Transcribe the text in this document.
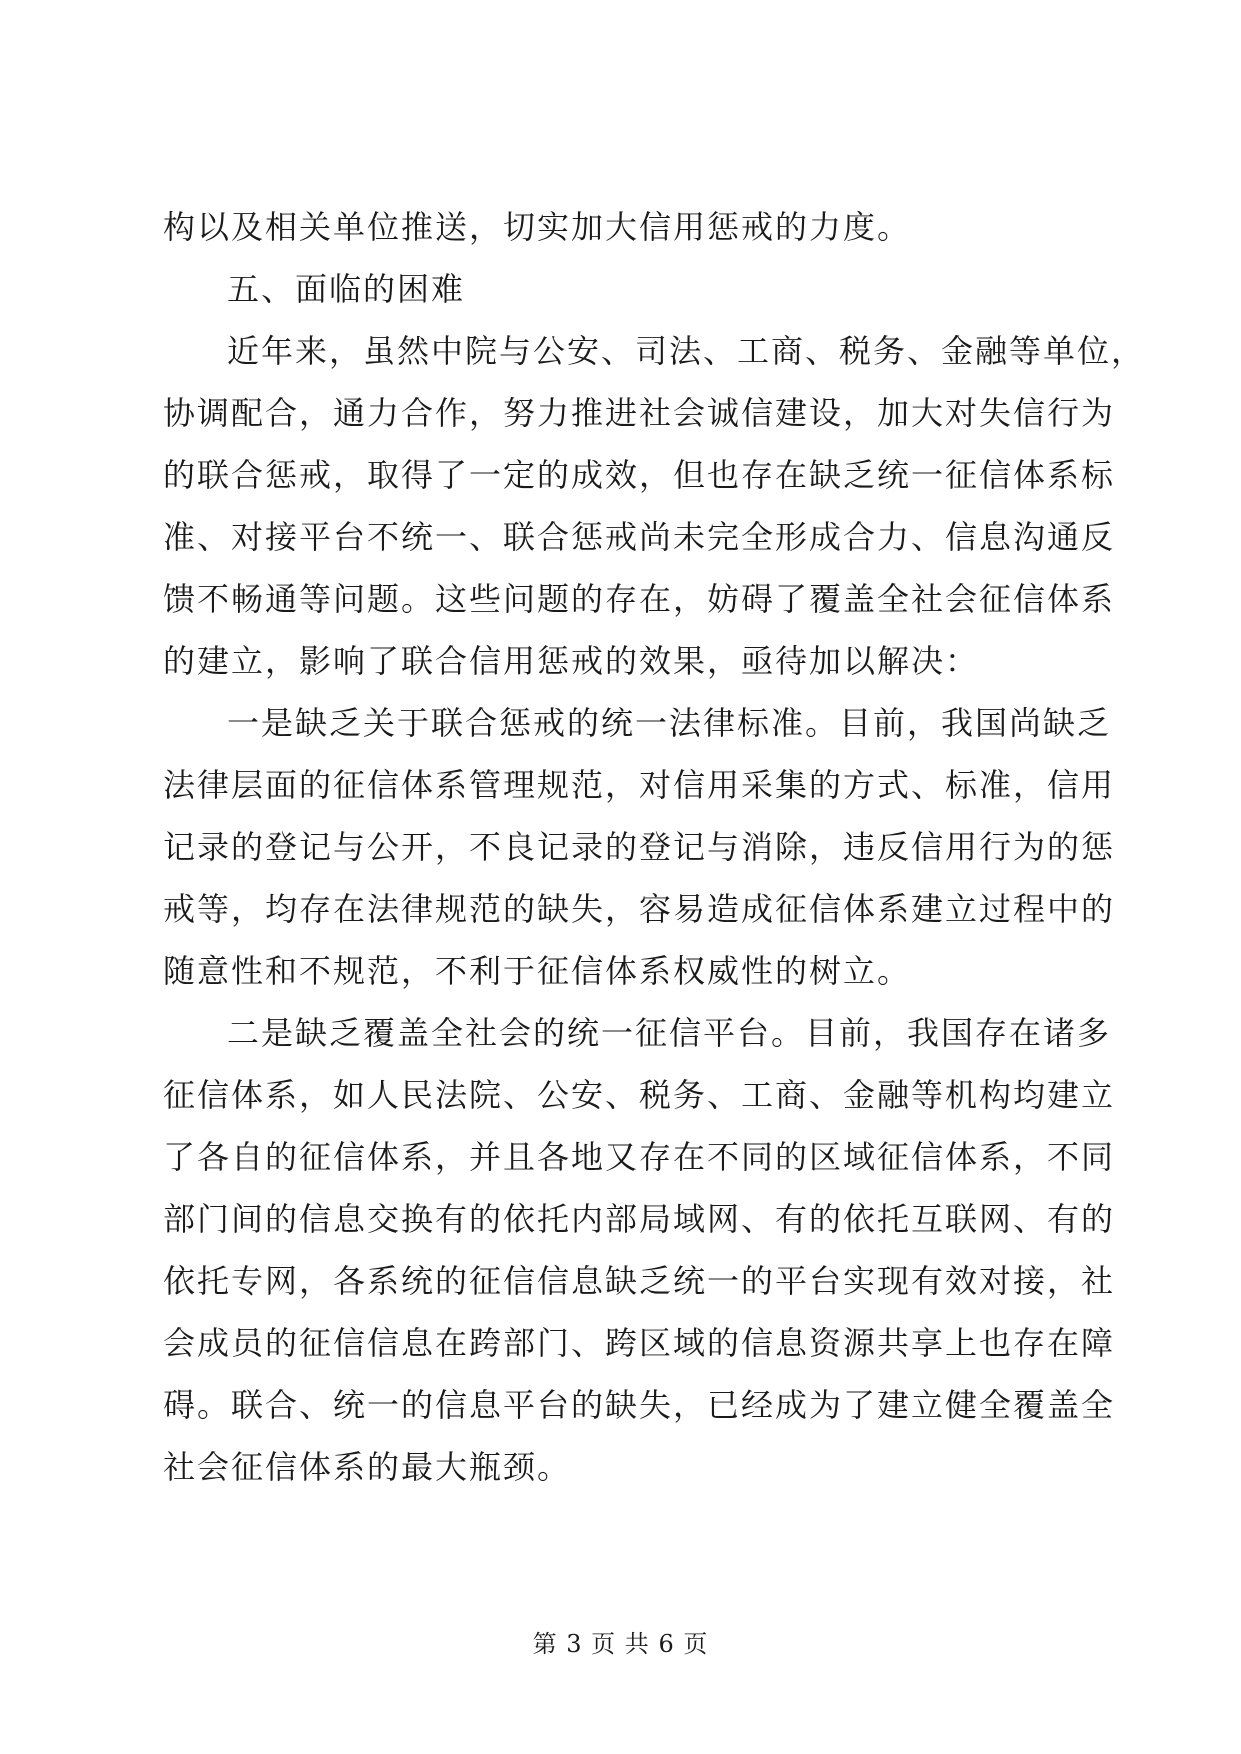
构以及相关单位推送，切实加大信用惩戒的力度。
五、面临的困难
近年来，虽然中院与公安、司法、工商、税务、金融等单位，
协调配合，通力合作，努力推进社会诚信建设，加大对失信行为
的联合惩戒，取得了一定的成效，但也存在缺乏统一征信体系标
准、对接平台不统一、联合惩戒尚未完全形成合力、信息沟通反
馈不畅通等问题。这些问题的存在，妨碍了覆盖全社会征信体系
的建立，影响了联合信用惩戒的效果，亟待加以解决：
一是缺乏关于联合惩戒的统一法律标准。目前，我国尚缺乏
法律层面的征信体系管理规范，对信用采集的方式、标准，信用
记录的登记与公开，不良记录的登记与消除，违反信用行为的惩
戒等，均存在法律规范的缺失，容易造成征信体系建立过程中的
随意性和不规范，不利于征信体系权威性的树立。
二是缺乏覆盖全社会的统一征信平台。目前，我国存在诸多
征信体系，如人民法院、公安、税务、工商、金融等机构均建立
了各自的征信体系，并且各地又存在不同的区域征信体系，不同
部门间的信息交换有的依托内部局域网、有的依托互联网、有的
依托专网，各系统的征信信息缺乏统一的平台实现有效对接，社
会成员的征信信息在跨部门、跨区域的信息资源共享上也存在障
碍。联合、统一的信息平台的缺失，已经成为了建立健全覆盖全
社会征信体系的最大瓶颈。
第 3 页 共 6 页
